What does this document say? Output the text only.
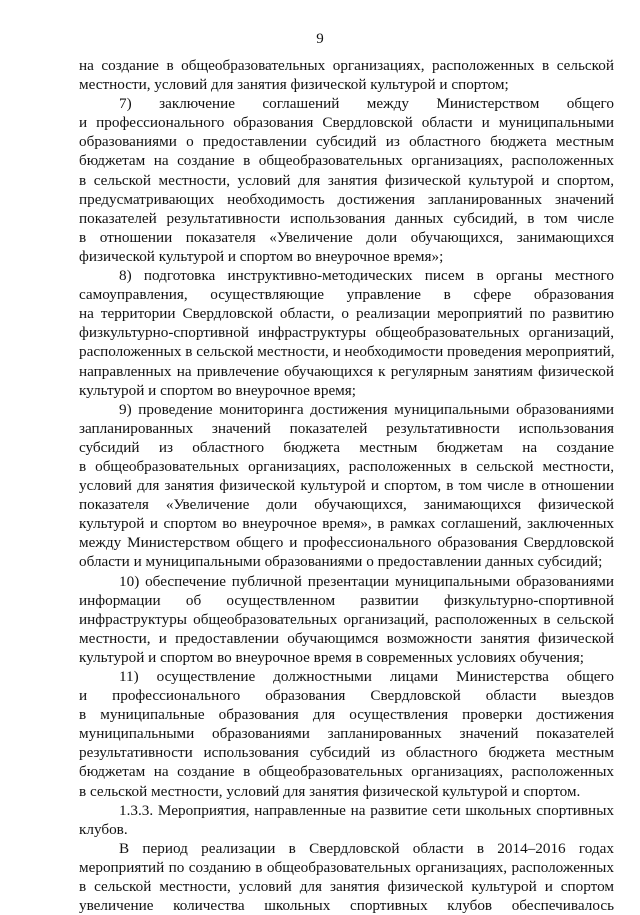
9

на создание в общеобразовательных организациях, расположенных в сельской
местности, условий для занятия физической культурой и спортом;

7) заключение соглашений между Министерством общего
и профессионального образования Свердловской области и муниципальными
образованиями о предоставлении субсидий из областного бюджета местным
бюджетам на создание в общеобразовательных организациях, расположенных
в сельской местности, условий для занятия физической культурой и спортом,
предусматривающих необходимость достижения запланированных значений
показателей результативности использования данных субсидий, в том числе
в отношении показателя «Увеличение доли обучающихся, занимающихся
физической культурой и спортом во внеурочное время»;

8) подготовка инструктивно-методических писем в органы местного
самоуправления, осуществляющие управление в сфере образования
на территории Свердловской области, о реализации мероприятий по развитию
физкультурно-спортивной инфраструктуры общеобразовательных организаций,
расположенных в сельской местности, и необходимости проведения мероприятий,
направленных на привлечение обучающихся к регулярным занятиям физической
культурой и спортом во внеурочное время;

9) проведение мониторинга достижения муниципальными образованиями
запланированных значений показателей результативности использования
субсидий из областного бюджета местным бюджетам на создание
в общеобразовательных организациях, расположенных в сельской местности,
условий для занятия физической культурой и спортом, в том числе в отношении
показателя «Увеличение доли обучающихся, занимающихся физической
культурой и спортом во внеурочное время», в рамках соглашений, заключенных
между Министерством общего и профессионального образования Свердловской
области и муниципальными образованиями о предоставлении данных субсидий;

10) обеспечение публичной презентации муниципальными образованиями
информации об осуществленном развитии физкультурно-спортивной
инфраструктуры общеобразовательных организаций, расположенных в сельской
местности, и предоставлении обучающимся возможности занятия физической
культурой и спортом во внеурочное время в современных условиях обучения;

11) осуществление должностными лицами Министерства общего
и профессионального образования Свердловской области выездов
в муниципальные образования для осуществления проверки достижения
муниципальными образованиями запланированных значений показателей
результативности использования субсидий из областного бюджета местным
бюджетам на создание в общеобразовательных организациях, расположенных
в сельской местности, условий для занятия физической культурой и спортом.

1.3.3. Мероприятия, направленные на развитие сети школьных спортивных
клубов.

В период реализации в Свердловской области в 2014–2016 годах
мероприятий по созданию в общеобразовательных организациях, расположенных
в сельской местности, условий для занятия физической культурой и спортом
увеличение количества школьных спортивных клубов обеспечивалось
